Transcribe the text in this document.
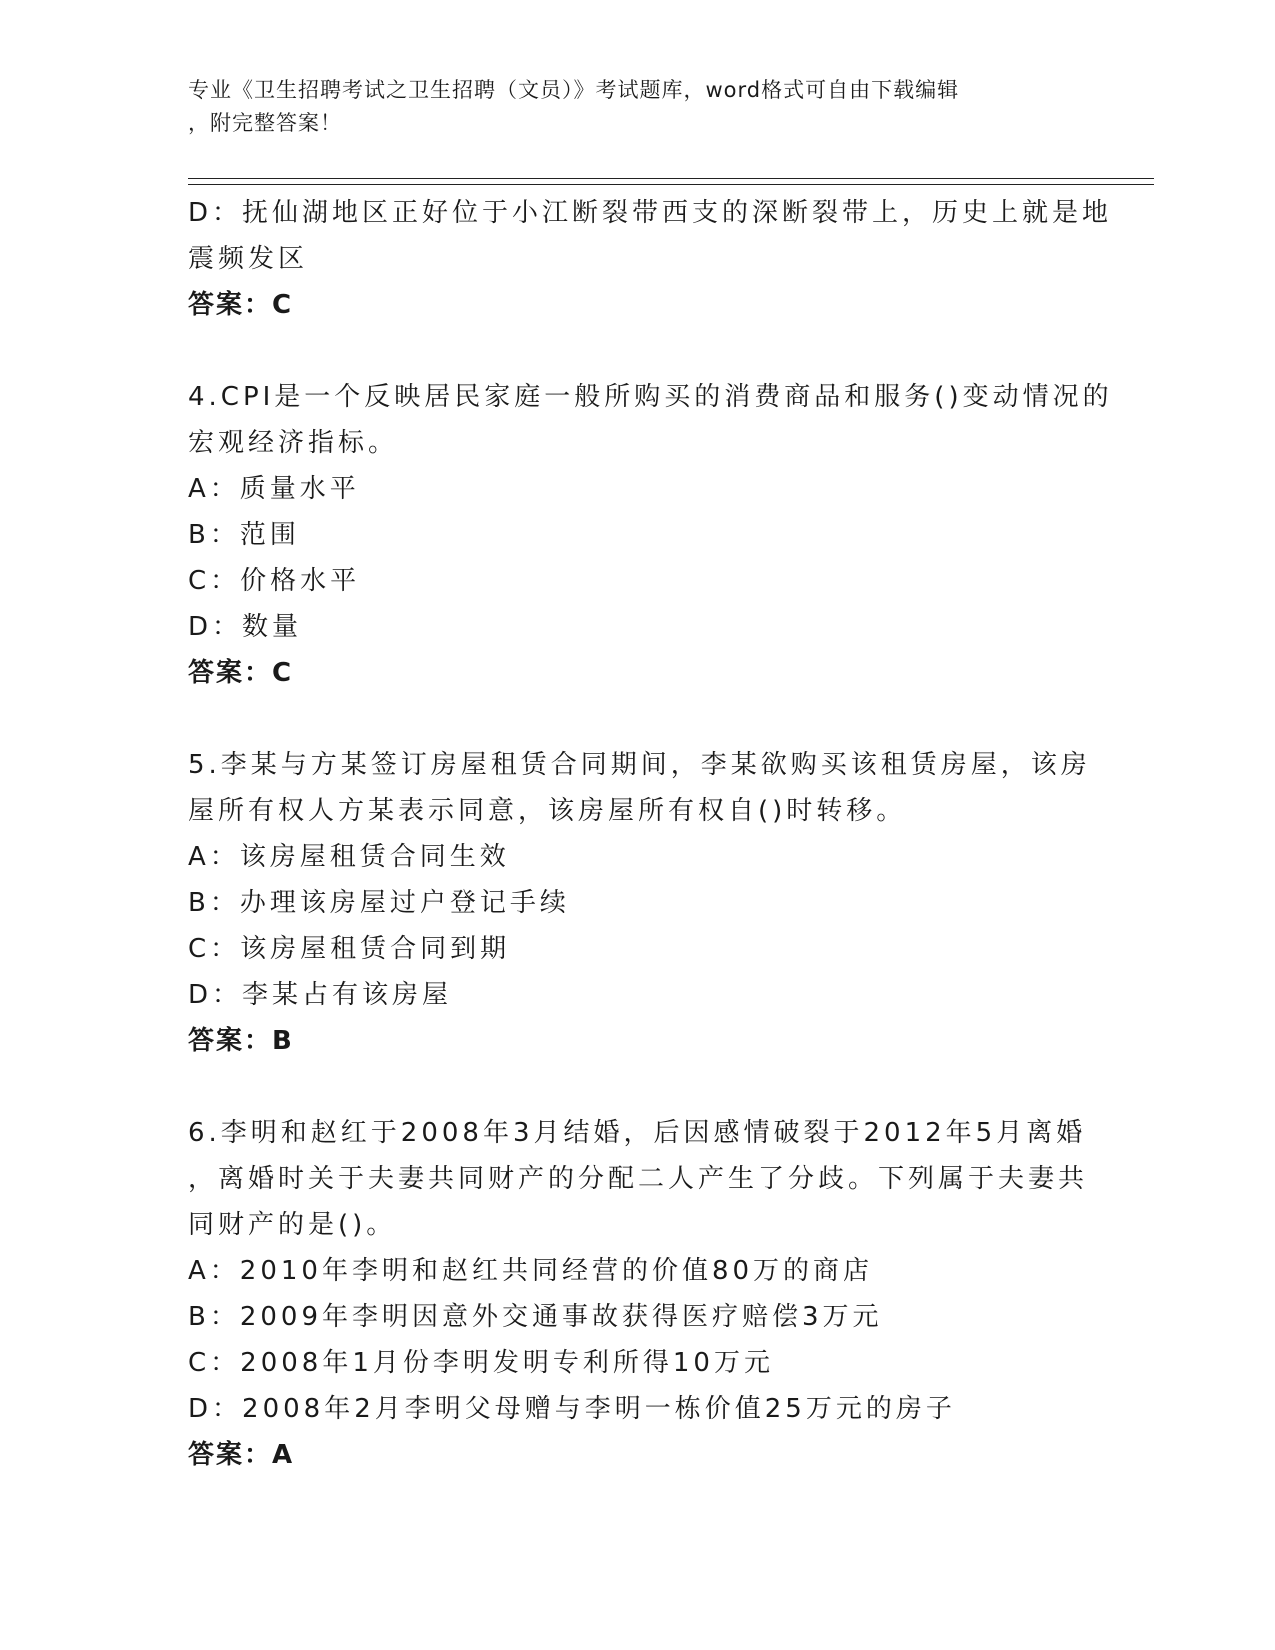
专业《卫生招聘考试之卫生招聘（文员）》考试题库，word格式可自由下载编辑
，附完整答案！
D：抚仙湖地区正好位于小江断裂带西支的深断裂带上，历史上就是地
震频发区
答案：C
4.CPI是一个反映居民家庭一般所购买的消费商品和服务()变动情况的
宏观经济指标。
A：质量水平
B：范围
C：价格水平
D：数量
答案：C
5.李某与方某签订房屋租赁合同期间，李某欲购买该租赁房屋，该房
屋所有权人方某表示同意，该房屋所有权自()时转移。
A：该房屋租赁合同生效
B：办理该房屋过户登记手续
C：该房屋租赁合同到期
D：李某占有该房屋
答案：B
6.李明和赵红于2008年3月结婚，后因感情破裂于2012年5月离婚
，离婚时关于夫妻共同财产的分配二人产生了分歧。下列属于夫妻共
同财产的是()。
A：2010年李明和赵红共同经营的价值80万的商店
B：2009年李明因意外交通事故获得医疗赔偿3万元
C：2008年1月份李明发明专利所得10万元
D：2008年2月李明父母赠与李明一栋价值25万元的房子
答案：A
